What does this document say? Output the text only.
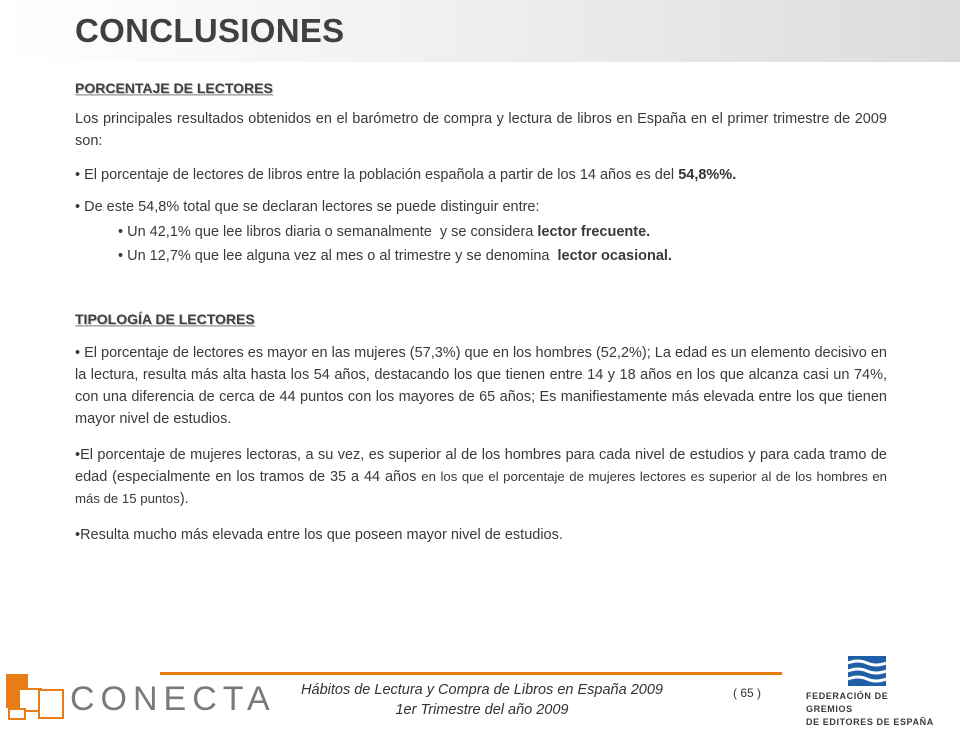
CONCLUSIONES
PORCENTAJE DE LECTORES

Los principales resultados obtenidos en el barómetro de compra y lectura de libros en España en el primer trimestre de 2009 son:

• El porcentaje de lectores de libros entre la población española a partir de los 14 años es del 54,8%%.

• De este 54,8% total que se declaran lectores se puede distinguir entre:

• Un 42,1% que lee libros diaria o semanalmente  y se considera lector frecuente.

• Un 12,7% que lee alguna vez al mes o al trimestre y se denomina  lector ocasional.

TIPOLOGÍA DE LECTORES

• El porcentaje de lectores es mayor en las mujeres (57,3%) que en los hombres (52,2%); La edad es un elemento decisivo en la lectura, resulta más alta hasta los 54 años, destacando los que tienen entre 14 y 18 años en los que alcanza casi un 74%, con una diferencia de cerca de 44 puntos con los mayores de 65 años; Es manifiestamente más elevada entre los que tienen mayor nivel de estudios.

•El porcentaje de mujeres lectoras, a su vez, es superior al de los hombres para cada nivel de estudios y para cada tramo de edad (especialmente en los tramos de 35 a 44 años en los que el porcentaje de mujeres lectores es superior al de los hombres en más de 15 puntos).

•Resulta mucho más elevada entre los que poseen mayor nivel de estudios.

CONECTA	Hábitos de Lectura y Compra de Libros en España 2009
1er Trimestre del año 2009

( 65 )	FEDERACIÓN DE GREMIOS
DE EDITORES DE ESPAÑA
